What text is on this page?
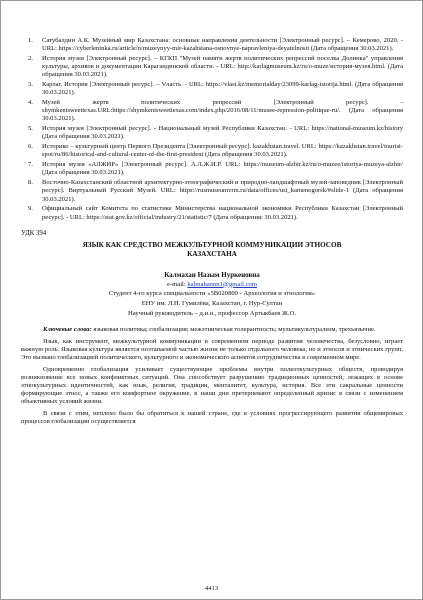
1. Сатубалдин А.К. Музейный мир Казахстана: основные направления деятельности [Электронный ресурс]. – Кемерово, 2020. - URL: https://cyberleninka.ru/article/n/muzeynyy-mir-kazahstana-osnovnye-napravleniya-deyatelnosti (Дата обращения 30.03.2021).
2. История музея [Электронный ресурс]. – КГКП "Музей памяти жертв политических репрессий поселка Долинка" управления культуры, архивов и документации Карагандинской области. - URL: http://karlagmuseum.kz/ru/o-muze/история-музея.html. (Дата обращения 30.03.2021).
3. Карлаг. История [Электронный ресурс]. – Vласть. - URL: https://vlast.kz/memorialday/23099-karlag-istorija.html. (Дата обращения 30.03.2021).
4. Музей жертв политических репрессий [Электронный ресурс]. - shymkentsweettexas.URL:https://shymkentsweettexas.com/index.php/2016/08/11/musee-repression-politique-ru/. (Дата обращения 30.03.2021).
5. История музея [Электронный ресурс]. - Национальный музей Республики Казахстан. - URL: https://national-museum.kz/history (Дата обращения 30.03.2021).
6. Историко – культурный центр Первого Президента [Электронный ресурс]. kazakhstan.travel. URL: https://kazakhstan.travel/tourist-spot/ru/86/historical-and-cultural-center-of-the-first-president (Дата обращения 30.03.2021).
7. История музея «АЛЖИР» [Электронный ресурс]. А.Л.Ж.И.Р. URL: https://museum-alzhir.kz/ru/o-muzee/istoriya-muzeya-alzhir/ (Дата обращения 30.03.2021).
8. Восточно-Казахстанский областной архитектурно-этнографический и природно-ландшафтный музей-заповедник [Электронный ресурс]. Виртуальный Русский Музей. URL: https://rusmuseumvrm.ru/data/offices/ust_kamenogorsk/#slide-1 (Дата обращения 30.03.2021).
9. Официальный сайт Комитета по статистике Министерства национальной экономики Республики Казахстан [Электронный ресурс]. - URL: https://stat.gov.kz/official/industry/21/statistic/7 (Дата обращения: 30.03.2021).
УДК 394
ЯЗЫК КАК СРЕДСТВО МЕЖКУЛЬТУРНОЙ КОММУНИКАЦИИ ЭТНОСОВ
КАЗАХСТАНА
Калмахан Назым Нуркеновна
e-mail: kalmahannn1@gmail.com
Студент 4-го курса специальности «5В020800 - Археология и этнология»
ЕНУ им. Л.Н. Гумилёва, Казахстан, г. Нур-Султан
Научный руководитель – д.и.н., профессор Артыкбаев Ж.О.
Ключевые слова: языковая политика; глобализация; межэтническая толерантность; мультикультурализм, трехъязычие.
Язык, как инструмент, межкультурной коммуникации в современном периоде развития человечества, безусловно, играет важную роль. Языковая культура является поэтапаемой частью жизни не только отдельного человека, но и этносов и этнических групп. Это вызвано глобализацией политического, культурного и экономического аспектов сотрудничества в современном мире.
Одновременно глобализация усиливает существующие проблемы внутри полиэткультурных обществ, проводируя возникновение все новых конфликтных ситуаций. Она способствует разрушению традиционных ценностей, лежащих в основе этнокультурных идентичностей, как язык, религия, традиции, менталитет, культура, история. Все эти сакральные ценности формирующие этнос, а также его комфортное окружение, в наши дни претерпевают определенный кризис в связи с изменением объективных условий жизни.
В связи с этим, неплохо было бы обратиться к нашей стране, где в условиях прогрессирующего развития общемировых процессов глобализации осуществляется
4413
